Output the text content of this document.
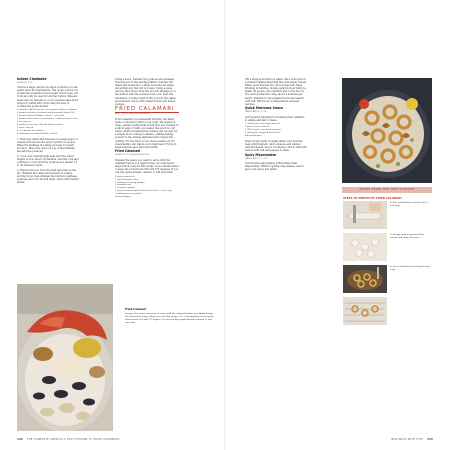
Indoor Clambake
SERVES 4 TO 6

Choose a large, narrow stockpot in which you can easily layer the ingredients. The recipe can be cut in half and prepared in an 8-quart Dutch oven, but it should only be used for shorter bursts. Mussels need only six minutes to cook; potatoes take much longer to soften fully. Don't skip the step of cooking the potatoes first.

2 pounds small littleneck or cherrystone clams, scrubbed
2 pounds mussels, scrubbed and debearded (about 50)
1 pound smoked kielbasa, sliced ½ inch thick
1 pound small red or new potatoes, scrubbed and cut into 1-inch pieces
4 medium ears corn, silk and husk removed
1 onion, halved
2 (1¼-pound) live lobsters
4 tablespoons unsalted butter, melted

1. Place the clams and mussels on a large piece of cheesecloth and tie the ends together to secure. Rinse the kielbasa in a large (at least 12-quart) stockpot. Place the onion on top of the kielbasa and add the potatoes.

2. Cook over medium-high heat until the water begins to boil, about 10 minutes. Add the corn and continue to cook until the potatoes are tender, 15 to 20 minutes longer.

3. Remove the pot from the heat and remove the lid. Transfer the clams and mussels to a large serving bowl, then arrange the lobsters, kielbasa, potatoes and corn around them. Serve with melted butter.

Using a sieve, transfer the potatoes and sausage from the pot to the serving platter. Transfer the clams and mussels to a large bowl and set aside, discarding any that did not open. Using a sieve, remove the lobster from the pot and arrange it on the platter with the potatoes and corn. Pour the remaining cooking liquid in the pot into the clams and mussels. Serve with melted butter and lemon wedges.

FRIED CALAMARI
WHY THIS RECIPE WORKS

Fried calamari is a restaurant favorite, but many home cooks find it hard to get right. We wanted a crisp, golden coating that would stay put. Instead of a dip in eggs or milk, we soaked the squid in cold water, which moistened the surface just enough for a simple flour coating to adhere. Adding baking powder to the dredge lightened and crisped the coating. For the fryer oil we chose peanut oil; it's clean-tasting and stands up to high heat. Frying in small batches gave the best results.

Fried Calamari
SERVES 4 TO 6 AS AN APPETIZER

Prepare the sauce you want to serve with the calamari before you begin frying. You will need a large Dutch oven for this recipe. Use a thermometer to keep the oil between 350 and 375 degrees. If you can buy squid already cleaned, it will save time.

2 quarts peanut oil
1 cup all-purpose flour
1 tablespoon baking powder
1 teaspoon salt
¼ teaspoon pepper
1 pound cleaned squid, bodies sliced into ½-inch rings
2 tablespoons cornstarch
Lemon wedges
Fried Calamari

Prepare the sauce you want to serve with the calamari before you begin frying. You will need a large Dutch oven for this recipe. Use a thermometer to keep the oil between 350 and 375 degrees. If you can buy squid already cleaned, it will save time.

332 THE COMPLETE AMERICA'S TEST KITCHEN TV SHOW COOKBOOK

Fill a large bowl with ice water. Set a wire rack in a rimmed baking sheet and line with paper towels. Rinse squid and pat dry; slice bodies into rings. Working in batches, dredge squid in flour mixture, shake off excess, and carefully add to the hot oil. Fry until golden and crisp, about 2 minutes per batch. Transfer to the prepared rack and season with salt. Return oil to temperature between batches.

Quick Marinara Sauce
MAKES ABOUT 1 CUP

Our favorite marinara for dunking fried calamari is simple and fast to make.

1 tablespoon extra-virgin olive oil
2 garlic cloves, minced
1 (14.5-ounce) can diced tomatoes
1 tablespoon chopped fresh basil
Salt and pepper

Heat oil and garlic in small skillet over medium heat until fragrant. Add tomatoes and simmer until thickened, about 10 minutes. Stir in basil and season with salt and pepper to taste.

Spicy Mayonnaise
MAKES ABOUT ½ CUP

Our favorite mayonnaise is Blue Plate Real Mayonnaise. Whisk together mayonnaise, lemon juice, hot sauce and garlic.

NOTES FROM THE TEST KITCHEN
STEPS TO PERFECTLY FRIED CALAMARI
1. Slice squid bodies crosswise into ½-inch rings.
2. Dredge squid in seasoned flour mixture and shake off excess.
3. Fry in small batches until golden and crisp.
NEW WAYS WITH FISH 333
